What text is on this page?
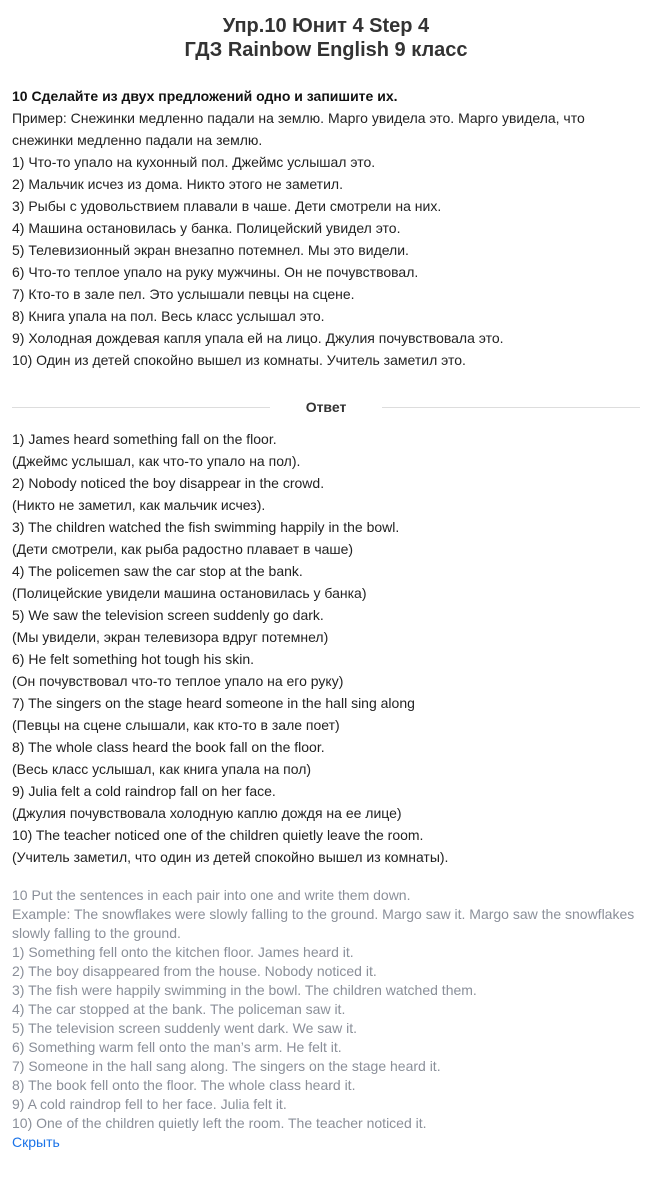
Упр.10 Юнит 4 Step 4
ГДЗ Rainbow English 9 класс
10 Сделайте из двух предложений одно и запишите их.
Пример: Снежинки медленно падали на землю. Марго увидела это. Марго увидела, что снежинки медленно падали на землю.
1) Что-то упало на кухонный пол. Джеймс услышал это.
2) Мальчик исчез из дома. Никто этого не заметил.
3) Рыбы с удовольствием плавали в чаше. Дети смотрели на них.
4) Машина остановилась у банка. Полицейский увидел это.
5) Телевизионный экран внезапно потемнел. Мы это видели.
6) Что-то теплое упало на руку мужчины. Он не почувствовал.
7) Кто-то в зале пел. Это услышали певцы на сцене.
8) Книга упала на пол. Весь класс услышал это.
9) Холодная дождевая капля упала ей на лицо. Джулия почувствовала это.
10) Один из детей спокойно вышел из комнаты. Учитель заметил это.
Ответ
1) James heard something fall on the floor.
(Джеймс услышал, как что-то упало на пол).
2) Nobody noticed the boy disappear in the crowd.
(Никто не заметил, как мальчик исчез).
3) The children watched the fish swimming happily in the bowl.
(Дети смотрели, как рыба радостно плавает в чаше)
4) The policemen saw the car stop at the bank.
(Полицейские увидели машина остановилась у банка)
5) We saw the television screen suddenly go dark.
(Мы увидели, экран телевизора вдруг потемнел)
6) He felt something hot tough his skin.
(Он почувствовал что-то теплое упало на его руку)
7) The singers on the stage heard someone in the hall sing along
(Певцы на сцене слышали, как кто-то в зале поет)
8) The whole class heard the book fall on the floor.
(Весь класс услышал, как книга упала на пол)
9) Julia felt a cold raindrop fall on her face.
(Джулия почувствовала холодную каплю дождя на ее лице)
10) The teacher noticed one of the children quietly leave the room.
(Учитель заметил, что один из детей спокойно вышел из комнаты).
10 Put the sentences in each pair into one and write them down.
Example: The snowflakes were slowly falling to the ground. Margo saw it. Margo saw the snowflakes slowly falling to the ground.
1) Something fell onto the kitchen floor. James heard it.
2) The boy disappeared from the house. Nobody noticed it.
3) The fish were happily swimming in the bowl. The children watched them.
4) The car stopped at the bank. The policeman saw it.
5) The television screen suddenly went dark. We saw it.
6) Something warm fell onto the man’s arm. He felt it.
7) Someone in the hall sang along. The singers on the stage heard it.
8) The book fell onto the floor. The whole class heard it.
9) A cold raindrop fell to her face. Julia felt it.
10) One of the children quietly left the room. The teacher noticed it.
Скрыть
